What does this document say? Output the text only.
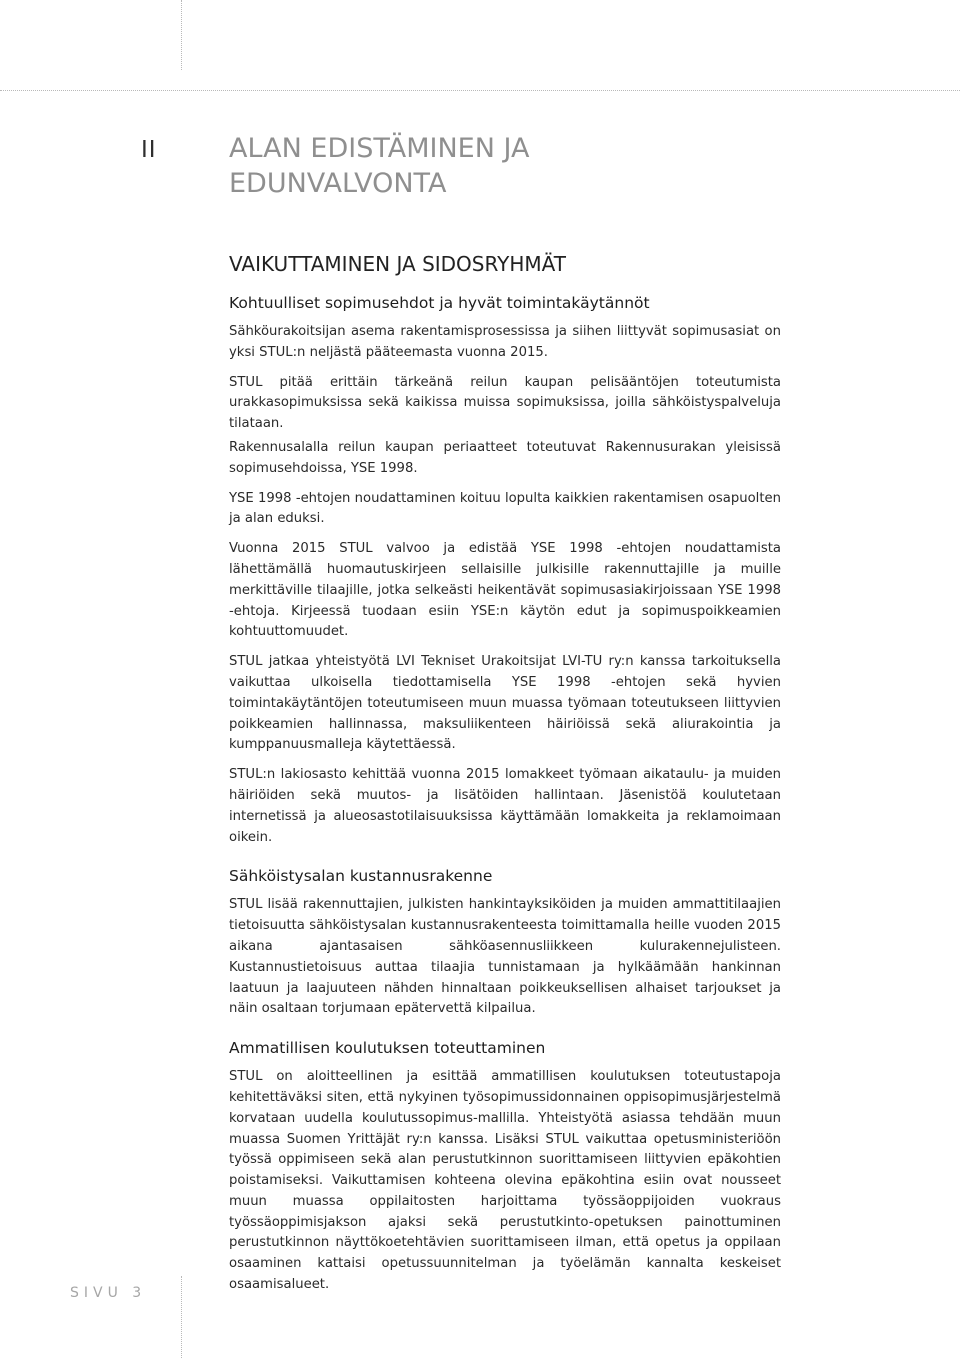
II	ALAN EDISTÄMINEN JA EDUNVALVONTA
VAIKUTTAMINEN JA SIDOSRYHMÄT
Kohtuulliset sopimusehdot ja hyvät toimintakäytännöt

Sähköurakoitsijan asema rakentamisprosessissa ja siihen liittyvät sopimusasiat on yksi STUL:n neljästä pääteemasta vuonna 2015.

STUL pitää erittäin tärkeänä reilun kaupan pelisääntöjen toteutumista urakkasopimuksissa sekä kaikissa muissa sopimuksissa, joilla sähköistyspalveluja tilataan.

Rakennusalalla reilun kaupan periaatteet toteutuvat Rakennusurakan yleisissä sopimusehdoissa, YSE 1998.

YSE 1998 -ehtojen noudattaminen koituu lopulta kaikkien rakentamisen osapuolten ja alan eduksi.

Vuonna 2015 STUL valvoo ja edistää YSE 1998 -ehtojen noudattamista lähettämällä huomautuskirjeen sellaisille julkisille rakennuttajille ja muille merkittäville tilaajille, jotka selkeästi heikentävät sopimusasiakirjoissaan YSE 1998 -ehtoja. Kirjeessä tuodaan esiin YSE:n käytön edut ja sopimuspoikkeamien kohtuuttomuudet.

STUL jatkaa yhteistyötä LVI Tekniset Urakoitsijat LVI-TU ry:n kanssa tarkoituksella vaikuttaa ulkoisella tiedottamisella YSE 1998 -ehtojen sekä hyvien toimintakäytäntöjen toteutumiseen muun muassa työmaan toteutukseen liittyvien poikkeamien hallinnassa, maksuliikenteen häiriöissä sekä aliurakointia ja kumppanuusmalleja käytettäessä.

STUL:n lakiosasto kehittää vuonna 2015 lomakkeet työmaan aikataulu- ja muiden häiriöiden sekä muutos- ja lisätöiden hallintaan. Jäsenistöä koulutetaan internetissä ja alueosastotilaisuuksissa käyttämään lomakkeita ja reklamoimaan oikein.

Sähköistysalan kustannusrakenne

STUL lisää rakennuttajien, julkisten hankintayksiköiden ja muiden ammattitilaajien tietoisuutta sähköistysalan kustannusrakenteesta toimittamalla heille vuoden 2015 aikana ajantasaisen sähköasennusliikkeen kulurakennejulisteen. Kustannustietoisuus auttaa tilaajia tunnistamaan ja hylkäämään hankinnan laatuun ja laajuuteen nähden hinnaltaan poikkeuksellisen alhaiset tarjoukset ja näin osaltaan torjumaan epätervettä kilpailua.

Ammatillisen koulutuksen toteuttaminen

STUL on aloitteellinen ja esittää ammatillisen koulutuksen toteutustapoja kehitettäväksi siten, että nykyinen työsopimussidonnainen oppisopimusjärjestelmä korvataan uudella koulutussopimus-mallilla. Yhteistyötä asiassa tehdään muun muassa Suomen Yrittäjät ry:n kanssa. Lisäksi STUL vaikuttaa opetusministeriöön työssä oppimiseen sekä alan perustutkinnon suorittamiseen liittyvien epäkohtien poistamiseksi. Vaikuttamisen kohteena olevina epäkohtina esiin ovat nousseet muun muassa oppilaitosten harjoittama työssäoppijoiden vuokraus työssäoppimisjakson ajaksi sekä perustutkinto-opetuksen painottuminen perustutkinnon näyttökoetehtävien suorittamiseen ilman, että opetus ja oppilaan osaaminen kattaisi opetussuunnitelman ja työelämän kannalta keskeiset osaamisalueet.

SIVU 3
